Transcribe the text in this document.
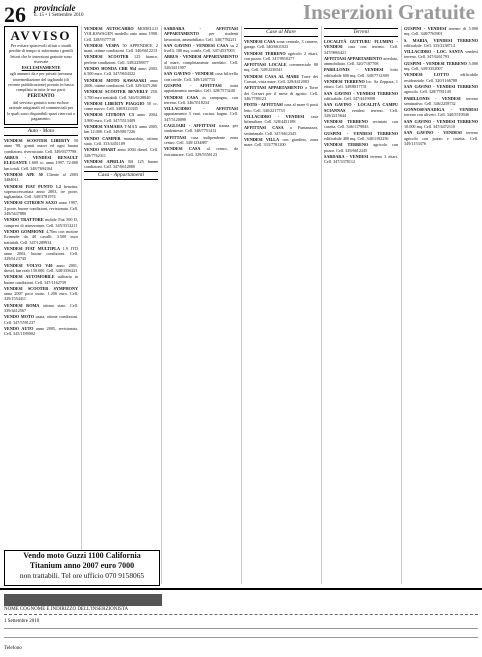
26 provinciale
n. 15 • 1 Settembre 2010	Inserzioni Gratuite
AVVISO

Per evitare spiacevoli rifiuti o inutili perdite di tempo si informano i gentili lettori che le inserzioni gratuite sono riservate

ESCLUSIVAMENTE

agli annunci da e per privati (nessuna intermediazione del tagliando (di recente pubblicazione) portato in basso compilato in tutte le sue parti.

PERTANTO

dal servizio gratuito sono escluse aziende artigianali ed commerciali per le quali sono disponibili spazi riservati a pagamento.

Auto - Moto
VENDESI SCOOTER LIBERTY 50 anno '98, gomit nuovi ed ogni buona condizioni, riverniciato. Cell. 349/0377798
ARBUS - VENDESI RENAULT ELEGANTE 1.600 cc. anno 1997. 72.000 km totali. Cell. 348/7694164
VENDESI APE 50 Cliente al 2003 3484011
VENDESI FIAT PUNTO 1.2 benzina, superaccessoriata anno 2003, tre porte, tagliandata. Cell. 340/3781974
VENDESI CITROEN SAXO anno 1997, 3 porte, buone condizioni, revisionata. Cell. 349/5437880
VENDO TRATTORE mobile Fiat 500 D, compresi di attrezzature. Cell. 345/3312211
VENDO GOMMONE 4,70m con motore Evinrude da 40 cavalli. 3.500 euro trattabili. Cell. 347/1289934
VENDESI FIAT MULTIPLA 1.9 JTD anno 2002, buone condizioni. Cell. 329/6123745
VENDESI VOLVO V40 anno 2001, diesel, km reali 150.000. Cell. 348/3356221
VENDESI AUTOMOBILE utilitaria in buone condizioni. Cell. 347/1162739
VENDESI SCOOTER SYMPHONY anno 2007 poco usato. 1.200 euro. Cell. 329/1554411
VENDESI ROMA ottimo stato. Cell. 339/4412567
VENDO MOTO usata, ottime condizioni. Cell. 347/5591237
VENDO AUTO anno 2005, revisionata. Cell. 345/1189002
VENDESI AUTOCARRO MODELLO VOLKSWAGEN modello auto anno 1998. Cell. 328/9377718
VENDESI VESPA 50 APPENDICE 2 mani, ottime condizioni. Cell. 340/6612213
VENDESI SCOOTER 125 bianco, perfette condizioni. Cell. 349/2258877
VENDO HONDA CBR 954 anno 2003. 6.500 euro. Cell. 347/9654322
VENDESI MOTO KAWASAKI anno 2006, ottime condizioni. Cell. 329/4471266
VENDESI SCOOTER BEVERLY 250. 1.700 euro trattabili. Cell. 346/5128840
VENDESI LIBERTY PIAGGIO 50 cc, come nuovo. Cell. 340/8123345
VENDESI CITROEN C3 anno 2004. 3.900 euro. Cell. 347/5513409
VENDESI YAMAHA T-MAX anno 2005, km 12.000. Cell. 349/8817226
VENDO CAMPER mansardato, ottimo stato. Cell. 333/4451109
VENDO SMART anno 2004 diesel. Cell. 328/7762311
VENDESI APRILIA RS 125 buone condizioni. Cell. 347/6612880
Casa - Appartamenti
SARDARA - AFFITTASI APPARTAMENTO per studenti lavoratori, ammobiliato. Cell. 340/7782211
SAN GAVINO - VENDESI CASA su 2 livelli, 180 mq, cortile. Cell. 347/4537003
ARBUS - VENDESI APPARTAMENTO al mare, completamente arredato. Cell. 320/4411907
SAN GAVINO - VENDESI casa bilivello con cortile. Cell. 349/1267733
GUSPINI - AFFITTASI mini appartamento arredato. Cell. 328/7573240
VENDESI CASA in campagna, con terreno. Cell. 346/5518234
VILLACIDRO - AFFITTASI appartamento 3 vani, cucina, bagno. Cell. 347/5120098
CAGLIARI - AFFITTASI stanza per studentesse. Cell. 348/7751412
AFFITTASI casa indipendente zona centro. Cell. 340/1234887
VENDESI CASA al centro, da ristrutturare. Cell. 329/5556123
Case al Mare
VENDESI CASA zona centrale, 3 camere, garage. Cell. 340/6611023
VENDESI TERRENO agricolo 2 ettari, con pozzo. Cell. 347/9910277
AFFITTASI LOCALE commerciale 80 mq. Cell. 349/2236541
VENDESI CASA AL MARE Torre dei Corsari, vista mare. Cell. 329/4412003
AFFITTASI APPARTAMENTO a Torre dei Corsari per il mese di agosto. Cell. 346/7780123
PISTIS - AFFITTASI casa al mare 6 posti letto. Cell. 340/2217733
VILLACIDRO - VENDESI casa bifamiliare. Cell. 328/4451188
AFFITTASI CASA a Funtanazza, settimanale. Cell. 347/6612345
VENDESI VILLA con giardino, zona mare. Cell. 333/7781200
Terreni
LOCALITÀ GUTTURU FLUMINI - VENDESI casa con terreno. Cell. 347/9865421
AFFITTASI APPARTAMENTO arredato, ammobiliato. Cell. 320/7187708
PABILLONIS - VENDESI lotto edificabile 600 mq. Cell. 340/7712389
VENDESI TERRENO loc. Sa Zeppara, 1 ettaro. Cell. 349/8817731
SAN GAVINO - VENDESI TERRENO edificabile. Cell. 347/4419098
SAN GAVINO - LOCALITÀ CAMPU SCIANNAS vendesi terreno. Cell. 328/2215644
VENDESI TERRENO recintato con casetta. Cell. 346/1179843
GUSPINI - VENDESI TERRENO edificabile 400 mq. Cell. 340/1192256
VENDESI TERRENO agricolo con pozzo. Cell. 329/6612245
SARDARA - VENDESI terreno 3 ettari. Cell. 347/3378112
GUSPINI - VENDESI terreno di 5.000 mq. Cell. 348/7765901
S. MARIA, VENDESI TERRENO edificabile. Cell. 333/2238714
VILLACIDRO - LOC. SANTA vendesi terreno. Cell. 347/6261793
GUSPINI - VENDESI TERRENO 5.000 mq. Cell. 349/3352007
VENDESI LOTTO	edificabile residenziale. Cell. 320/1166788
SAN GAVINO - VENDESI TERRENO agricolo. Cell. 328/7781149
PABILLONIS - VENDESI terreno seminativo. Cell. 346/2258732
GONNOSFANADIGA - VENDESI terreno con uliveto. Cell. 340/5519946
SAN GAVINO - VENDESI TERRENO 10.000 mq. Cell. 347/4472110
SAN GAVINO - VENDESI terreno agricolo con pozzo e casetta. Cell. 349/1153376
Vendo moto Guzzi 1100 California
Titanium anno 2007 euro 7000
non trattabili. Tel ore ufficio 070 9158065
NOME COGNOME E INDIRIZZO DELL'INSERZIONISTA
1 Settembre 2010
Telefono
